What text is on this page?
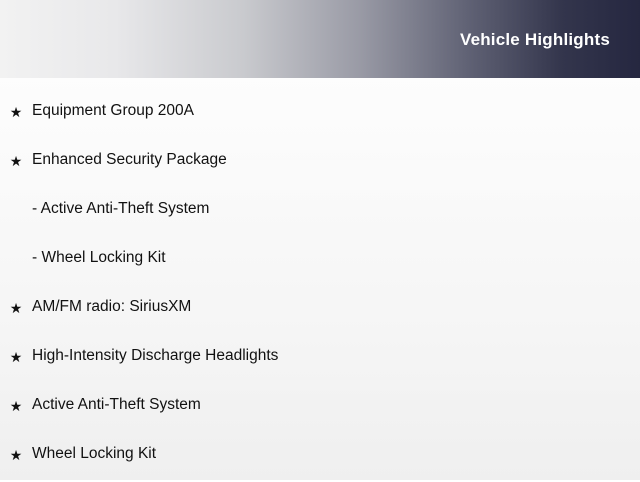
Vehicle Highlights
★ Equipment Group 200A
★ Enhanced Security Package
- Active Anti-Theft System
- Wheel Locking Kit
★ AM/FM radio: SiriusXM
★ High-Intensity Discharge Headlights
★ Active Anti-Theft System
★ Wheel Locking Kit
